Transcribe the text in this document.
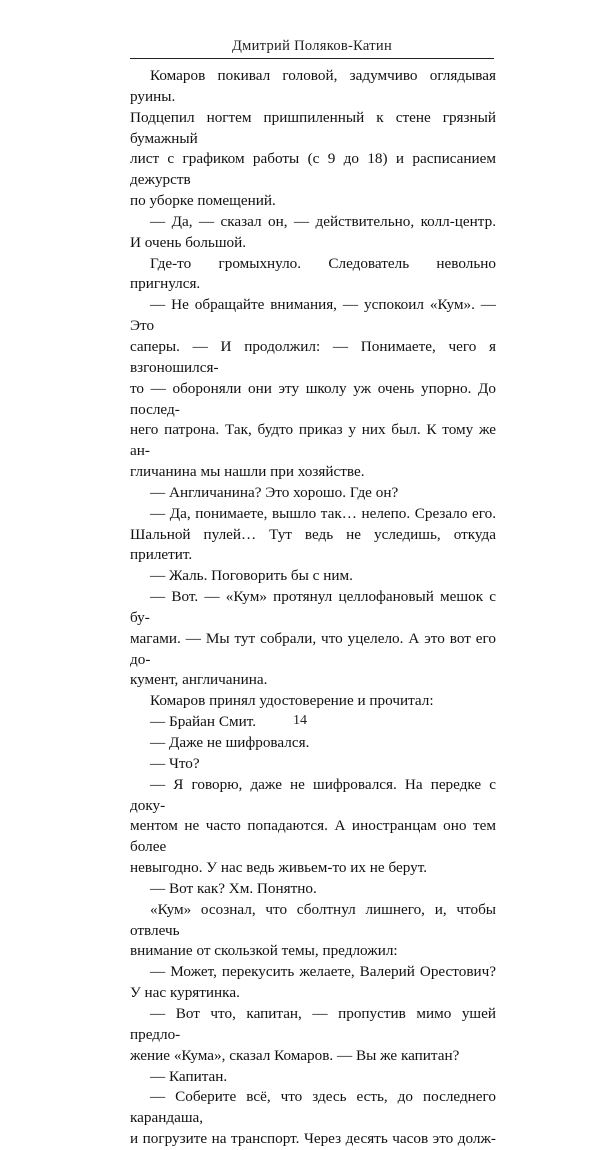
Дмитрий Поляков-Катин

Комаров покивал головой, задумчиво оглядывая руины.

Подцепил ногтем пришпиленный к стене грязный бумажный

лист с графиком работы (с 9 до 18) и расписанием дежурств

по уборке помещений.

— Да, — сказал он, — действительно, колл-центр.

И очень большой.

Где-то громыхнуло. Следователь невольно пригнулся.

— Не обращайте внимания, — успокоил «Кум». — Это

саперы. — И продолжил: — Понимаете, чего я взгоношился-

то — обороняли они эту школу уж очень упорно. До послед-

него патрона. Так, будто приказ у них был. К тому же ан-

гличанина мы нашли при хозяйстве.

— Англичанина? Это хорошо. Где он?

— Да, понимаете, вышло так… нелепо. Срезало его.

Шальной пулей… Тут ведь не уследишь, откуда прилетит.

— Жаль. Поговорить бы с ним.

— Вот. — «Кум» протянул целлофановый мешок с бу-

магами. — Мы тут собрали, что уцелело. А это вот его до-

кумент, англичанина.

Комаров принял удостоверение и прочитал:

— Брайан Смит.

— Даже не шифровался.

— Что?

— Я говорю, даже не шифровался. На передке с доку-

ментом не часто попадаются. А иностранцам оно тем более

невыгодно. У нас ведь живьем-то их не берут.

— Вот как? Хм. Понятно.

«Кум» осознал, что сболтнул лишнего, и, чтобы отвлечь

внимание от скользкой темы, предложил:

— Может, перекусить желаете, Валерий Орестович?

У нас курятинка.

— Вот что, капитан, — пропустив мимо ушей предло-

жение «Кума», сказал Комаров. — Вы же капитан?

— Капитан.

— Соберите всё, что здесь есть, до последнего карандаша,

и погрузите на транспорт. Через десять часов это долж-

14
